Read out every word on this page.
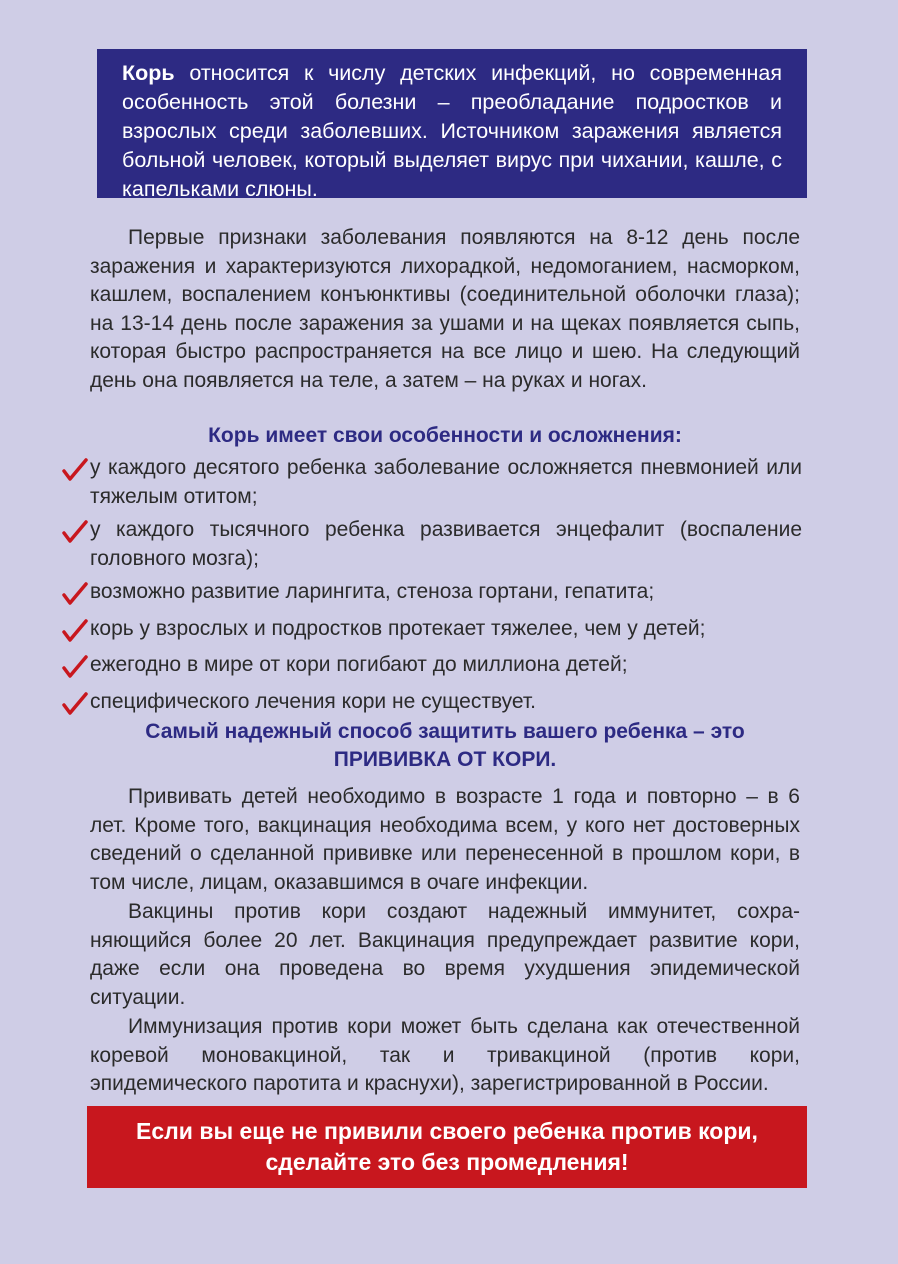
Корь относится к числу детских инфекций, но современная особенность этой болезни – преобладание подростков и взрослых среди заболевших. Источником заражения является больной человек, который выделяет вирус при чихании, кашле, с капельками слюны.

Первые признаки заболевания появляются на 8-12 день после заражения и характеризуются лихорадкой, недомоганием, насморком, кашлем, воспалением конъюнктивы (соединительной оболочки глаза); на 13-14 день после заражения за ушами и на щеках появляется сыпь, которая быстро распространяется на все лицо и шею. На следующий день она появляется на теле, а затем – на руках и ногах.

Корь имеет свои особенности и осложнения:

у каждого десятого ребенка заболевание осложняется пневмонией или тяжелым отитом;
у каждого тысячного ребенка развивается энцефалит (воспаление головного мозга);
возможно развитие ларингита, стеноза гортани, гепатита;
корь у взрослых и подростков протекает тяжелее, чем у детей;
ежегодно в мире от кори погибают до миллиона детей;
специфического лечения кори не существует.

Самый надежный способ защитить вашего ребенка – это
ПРИВИВКА ОТ КОРИ.

Прививать детей необходимо в возрасте 1 года и повторно – в 6 лет. Кроме того, вакцинация необходима всем, у кого нет достоверных сведений о сделанной прививке или перенесенной в прошлом кори, в том числе, лицам, оказавшимся в очаге инфекции.

Вакцины против кори создают надежный иммунитет, сохра-няющийся более 20 лет. Вакцинация предупреждает развитие кори, даже если она проведена во время ухудшения эпидемической ситуации.

Иммунизация против кори может быть сделана как отечественной коревой моновакциной, так и тривакциной (против кори, эпидемического паротита и краснухи), зарегистрированной в России.

Если вы еще не привили своего ребенка против кори,
сделайте это без промедления!
